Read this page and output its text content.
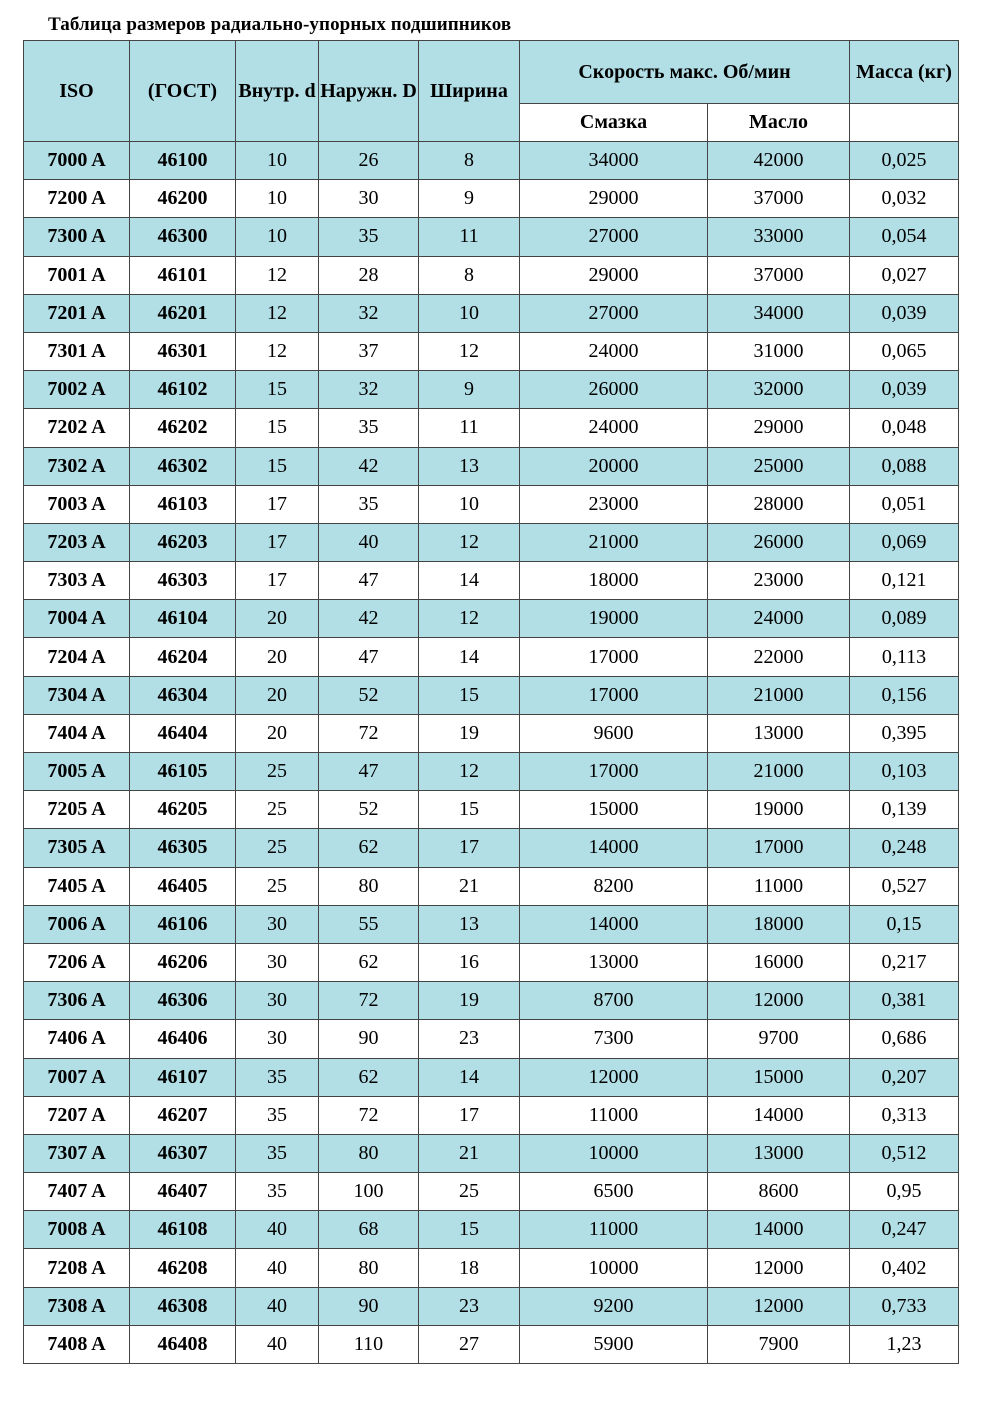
Таблица размеров радиально-упорных подшипников
ISO	(ГОСТ)	Внутр. d	Наружн. D	Ширина	Скорость макс. Об/мин		Масса (кг)
					Смазка	Масло	
7000 A	46100	10	26	8	34000	42000	0,025
7200 A	46200	10	30	9	29000	37000	0,032
7300 A	46300	10	35	11	27000	33000	0,054
7001 A	46101	12	28	8	29000	37000	0,027
7201 A	46201	12	32	10	27000	34000	0,039
7301 A	46301	12	37	12	24000	31000	0,065
7002 A	46102	15	32	9	26000	32000	0,039
7202 A	46202	15	35	11	24000	29000	0,048
7302 A	46302	15	42	13	20000	25000	0,088
7003 A	46103	17	35	10	23000	28000	0,051
7203 A	46203	17	40	12	21000	26000	0,069
7303 A	46303	17	47	14	18000	23000	0,121
7004 A	46104	20	42	12	19000	24000	0,089
7204 A	46204	20	47	14	17000	22000	0,113
7304 A	46304	20	52	15	17000	21000	0,156
7404 A	46404	20	72	19	9600	13000	0,395
7005 A	46105	25	47	12	17000	21000	0,103
7205 A	46205	25	52	15	15000	19000	0,139
7305 A	46305	25	62	17	14000	17000	0,248
7405 A	46405	25	80	21	8200	11000	0,527
7006 A	46106	30	55	13	14000	18000	0,15
7206 A	46206	30	62	16	13000	16000	0,217
7306 A	46306	30	72	19	8700	12000	0,381
7406 A	46406	30	90	23	7300	9700	0,686
7007 A	46107	35	62	14	12000	15000	0,207
7207 A	46207	35	72	17	11000	14000	0,313
7307 A	46307	35	80	21	10000	13000	0,512
7407 A	46407	35	100	25	6500	8600	0,95
7008 A	46108	40	68	15	11000	14000	0,247
7208 A	46208	40	80	18	10000	12000	0,402
7308 A	46308	40	90	23	9200	12000	0,733
7408 A	46408	40	110	27	5900	7900	1,23
